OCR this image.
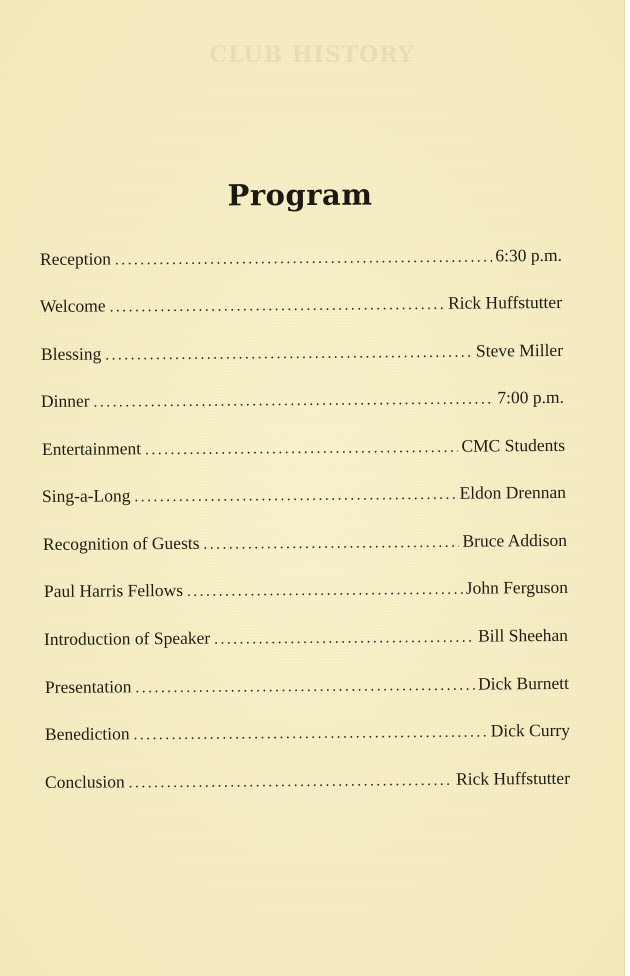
CLUB HISTORY
Program
Reception .....	6:30 p.m.
Welcome .....	Rick Huffstutter
Blessing .....	Steve Miller
Dinner .....	7:00 p.m.
Entertainment .....	CMC Students
Sing-a-Long .....	Eldon Drennan
Recognition of Guests .....	Bruce Addison
Paul Harris Fellows .....	John Ferguson
Introduction of Speaker .....	Bill Sheehan
Presentation .....	Dick Burnett
Benediction .....	Dick Curry
Conclusion .....	Rick Huffstutter
